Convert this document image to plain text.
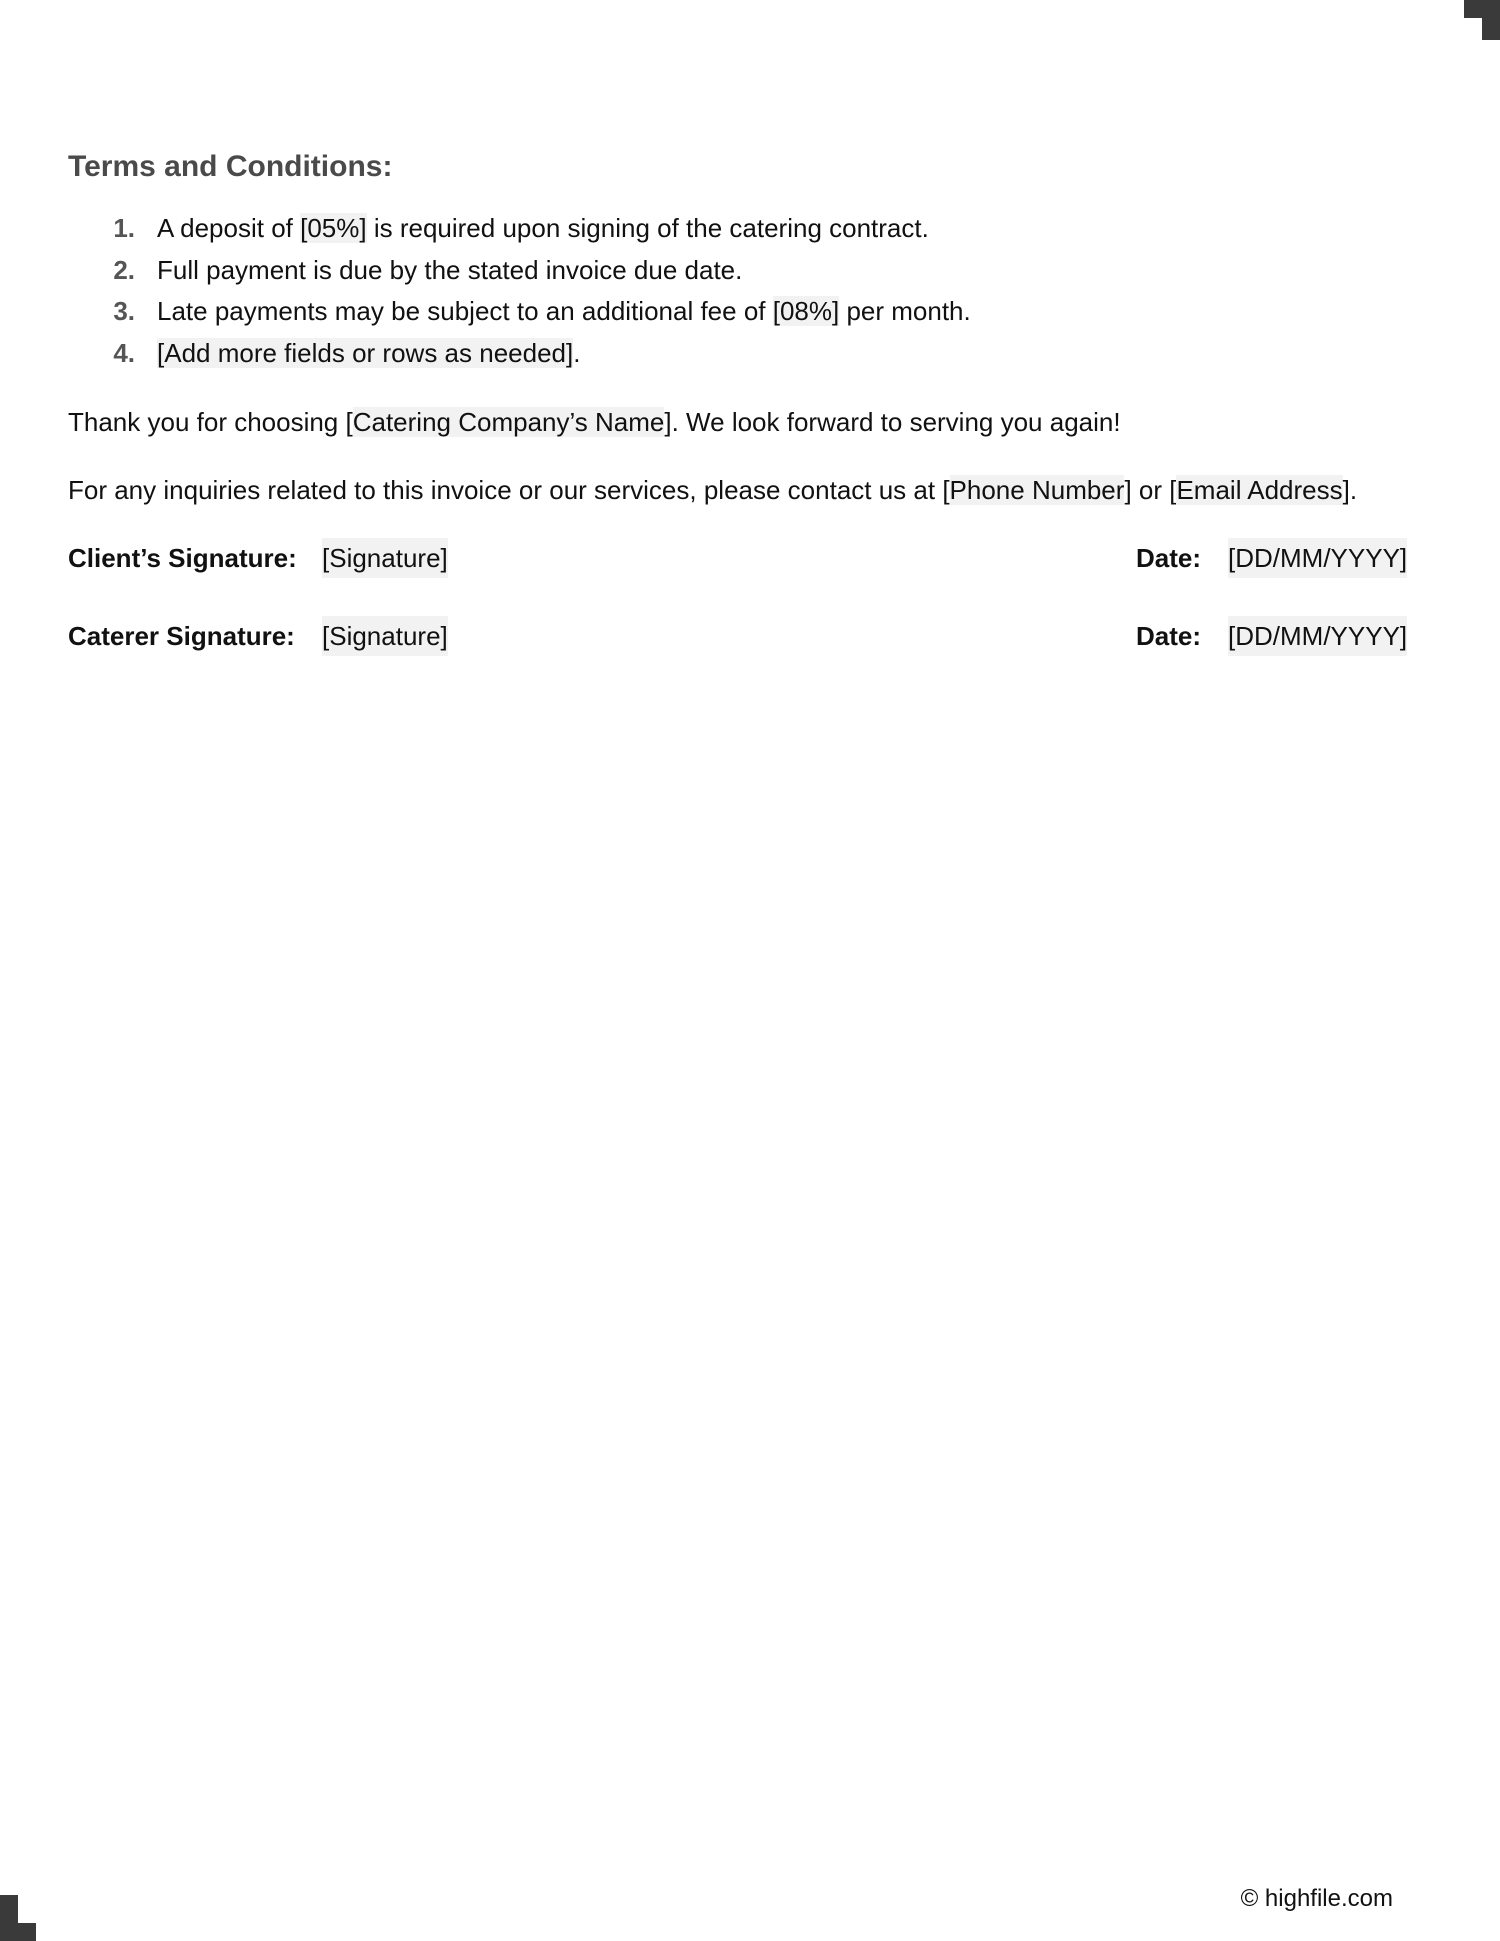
Terms and Conditions:
1. A deposit of [05%] is required upon signing of the catering contract.
2. Full payment is due by the stated invoice due date.
3. Late payments may be subject to an additional fee of [08%] per month.
4. [Add more fields or rows as needed].

Thank you for choosing [Catering Company’s Name]. We look forward to serving you again!

For any inquiries related to this invoice or our services, please contact us at [Phone Number] or [Email Address].

Client’s Signature: [Signature]	Date: [DD/MM/YYYY]
Caterer Signature: [Signature]	Date: [DD/MM/YYYY]
© highfile.com
